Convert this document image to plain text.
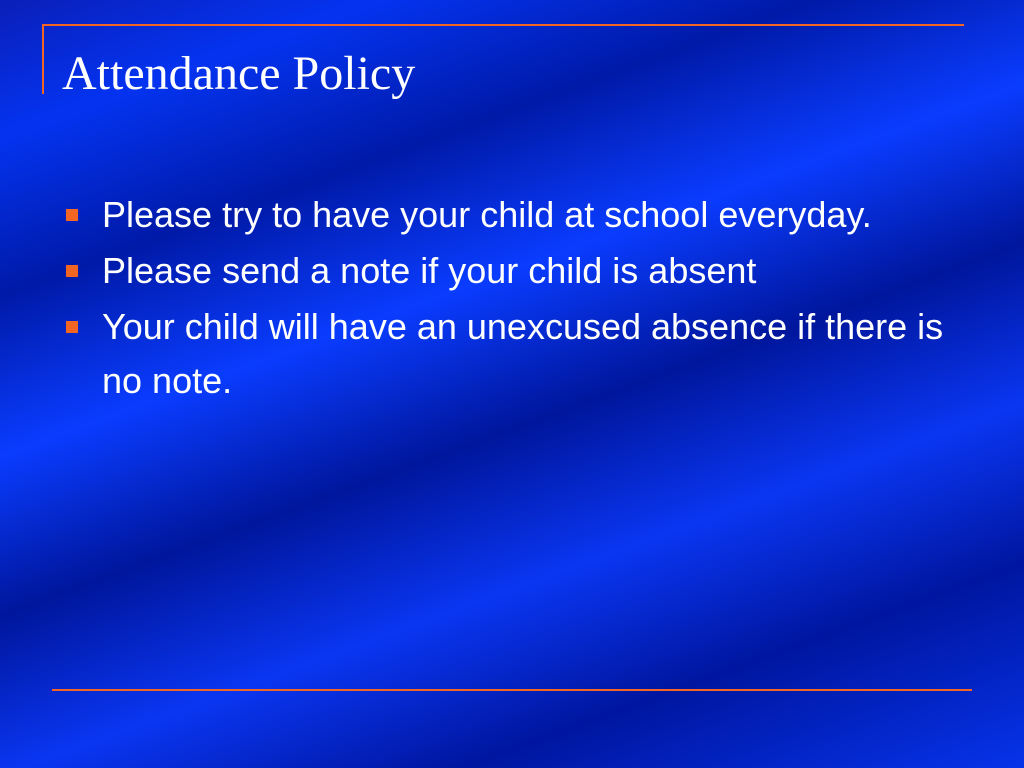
Attendance Policy
Please try to have your child at school everyday.
Please send a note if your child is absent
Your child will have an unexcused absence if there is no note.
